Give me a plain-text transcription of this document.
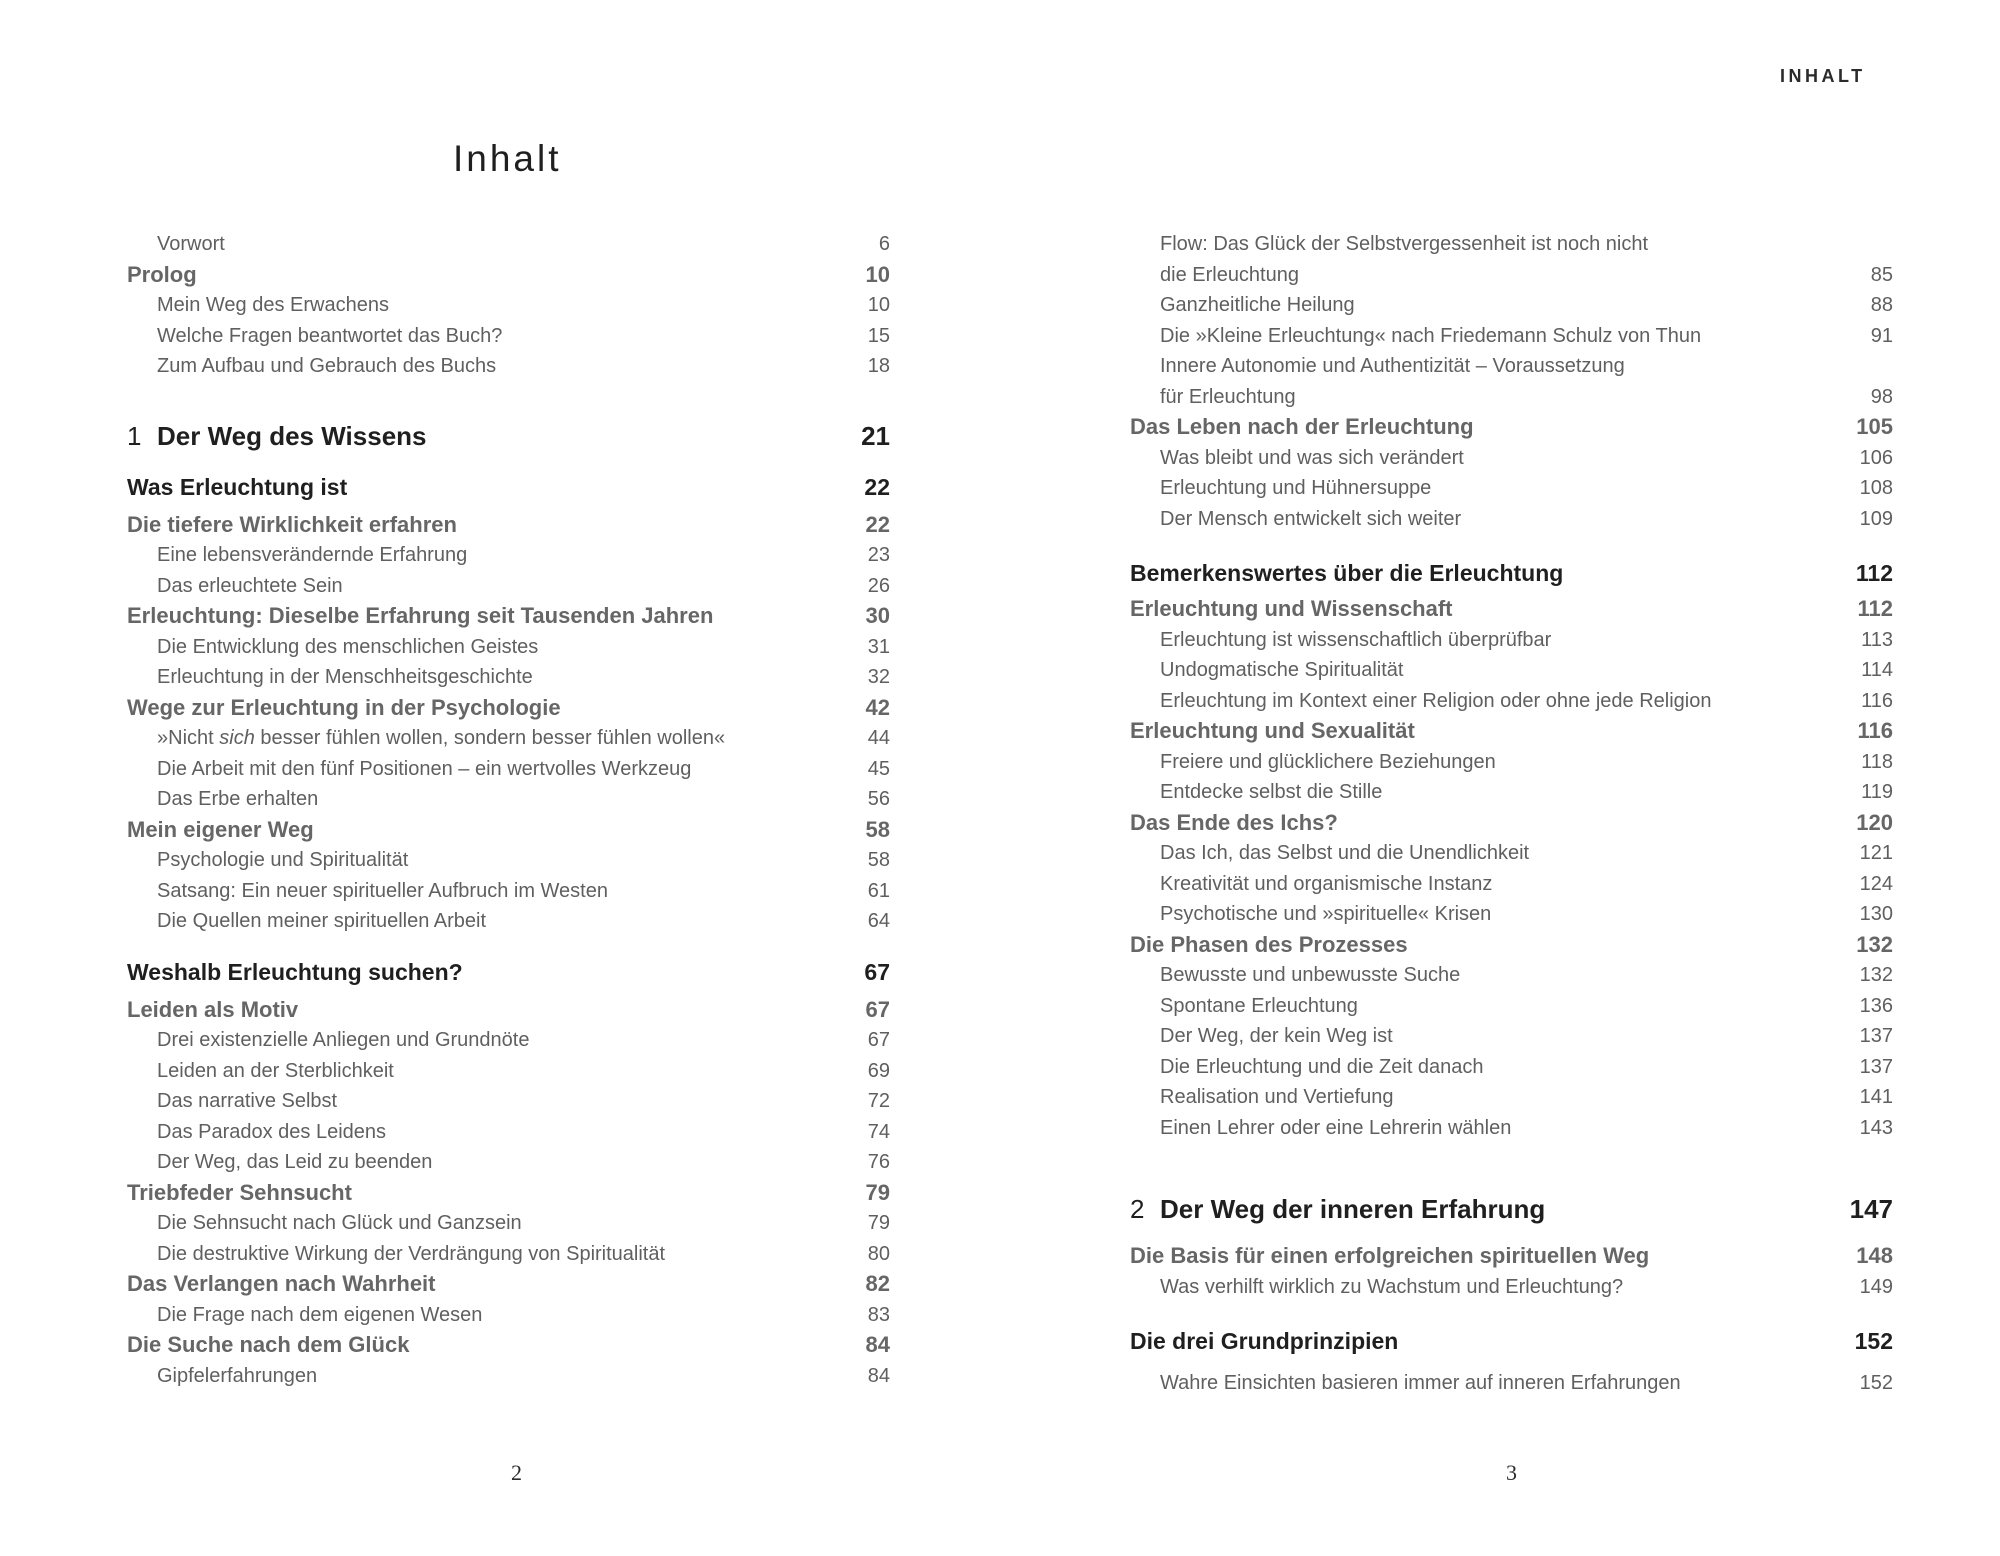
INHALT
Inhalt
Vorwort	6
Prolog	10
Mein Weg des Erwachens	10
Welche Fragen beantwortet das Buch?	15
Zum Aufbau und Gebrauch des Buchs	18
1 Der Weg des Wissens	21
Was Erleuchtung ist	22
Die tiefere Wirklichkeit erfahren	22
Eine lebensverändernde Erfahrung	23
Das erleuchtete Sein	26
Erleuchtung: Dieselbe Erfahrung seit Tausenden Jahren	30
Die Entwicklung des menschlichen Geistes	31
Erleuchtung in der Menschheitsgeschichte	32
Wege zur Erleuchtung in der Psychologie	42
»Nicht sich besser fühlen wollen, sondern besser fühlen wollen«	44
Die Arbeit mit den fünf Positionen – ein wertvolles Werkzeug	45
Das Erbe erhalten	56
Mein eigener Weg	58
Psychologie und Spiritualität	58
Satsang: Ein neuer spiritueller Aufbruch im Westen	61
Die Quellen meiner spirituellen Arbeit	64
Weshalb Erleuchtung suchen?	67
Leiden als Motiv	67
Drei existenzielle Anliegen und Grundnöte	67
Leiden an der Sterblichkeit	69
Das narrative Selbst	72
Das Paradox des Leidens	74
Der Weg, das Leid zu beenden	76
Triebfeder Sehnsucht	79
Die Sehnsucht nach Glück und Ganzsein	79
Die destruktive Wirkung der Verdrängung von Spiritualität	80
Das Verlangen nach Wahrheit	82
Die Frage nach dem eigenen Wesen	83
Die Suche nach dem Glück	84
Gipfelerfahrungen	84
Flow: Das Glück der Selbstvergessenheit ist noch nicht
die Erleuchtung	85
Ganzheitliche Heilung	88
Die »Kleine Erleuchtung« nach Friedemann Schulz von Thun	91
Innere Autonomie und Authentizität – Voraussetzung
für Erleuchtung	98
Das Leben nach der Erleuchtung	105
Was bleibt und was sich verändert	106
Erleuchtung und Hühnersuppe	108
Der Mensch entwickelt sich weiter	109
Bemerkenswertes über die Erleuchtung	112
Erleuchtung und Wissenschaft	112
Erleuchtung ist wissenschaftlich überprüfbar	113
Undogmatische Spiritualität	114
Erleuchtung im Kontext einer Religion oder ohne jede Religion	116
Erleuchtung und Sexualität	116
Freiere und glücklichere Beziehungen	118
Entdecke selbst die Stille	119
Das Ende des Ichs?	120
Das Ich, das Selbst und die Unendlichkeit	121
Kreativität und organismische Instanz	124
Psychotische und »spirituelle« Krisen	130
Die Phasen des Prozesses	132
Bewusste und unbewusste Suche	132
Spontane Erleuchtung	136
Der Weg, der kein Weg ist	137
Die Erleuchtung und die Zeit danach	137
Realisation und Vertiefung	141
Einen Lehrer oder eine Lehrerin wählen	143
2 Der Weg der inneren Erfahrung	147
Die Basis für einen erfolgreichen spirituellen Weg	148
Was verhilft wirklich zu Wachstum und Erleuchtung?	149
Die drei Grundprinzipien	152
Wahre Einsichten basieren immer auf inneren Erfahrungen	152
2	3
